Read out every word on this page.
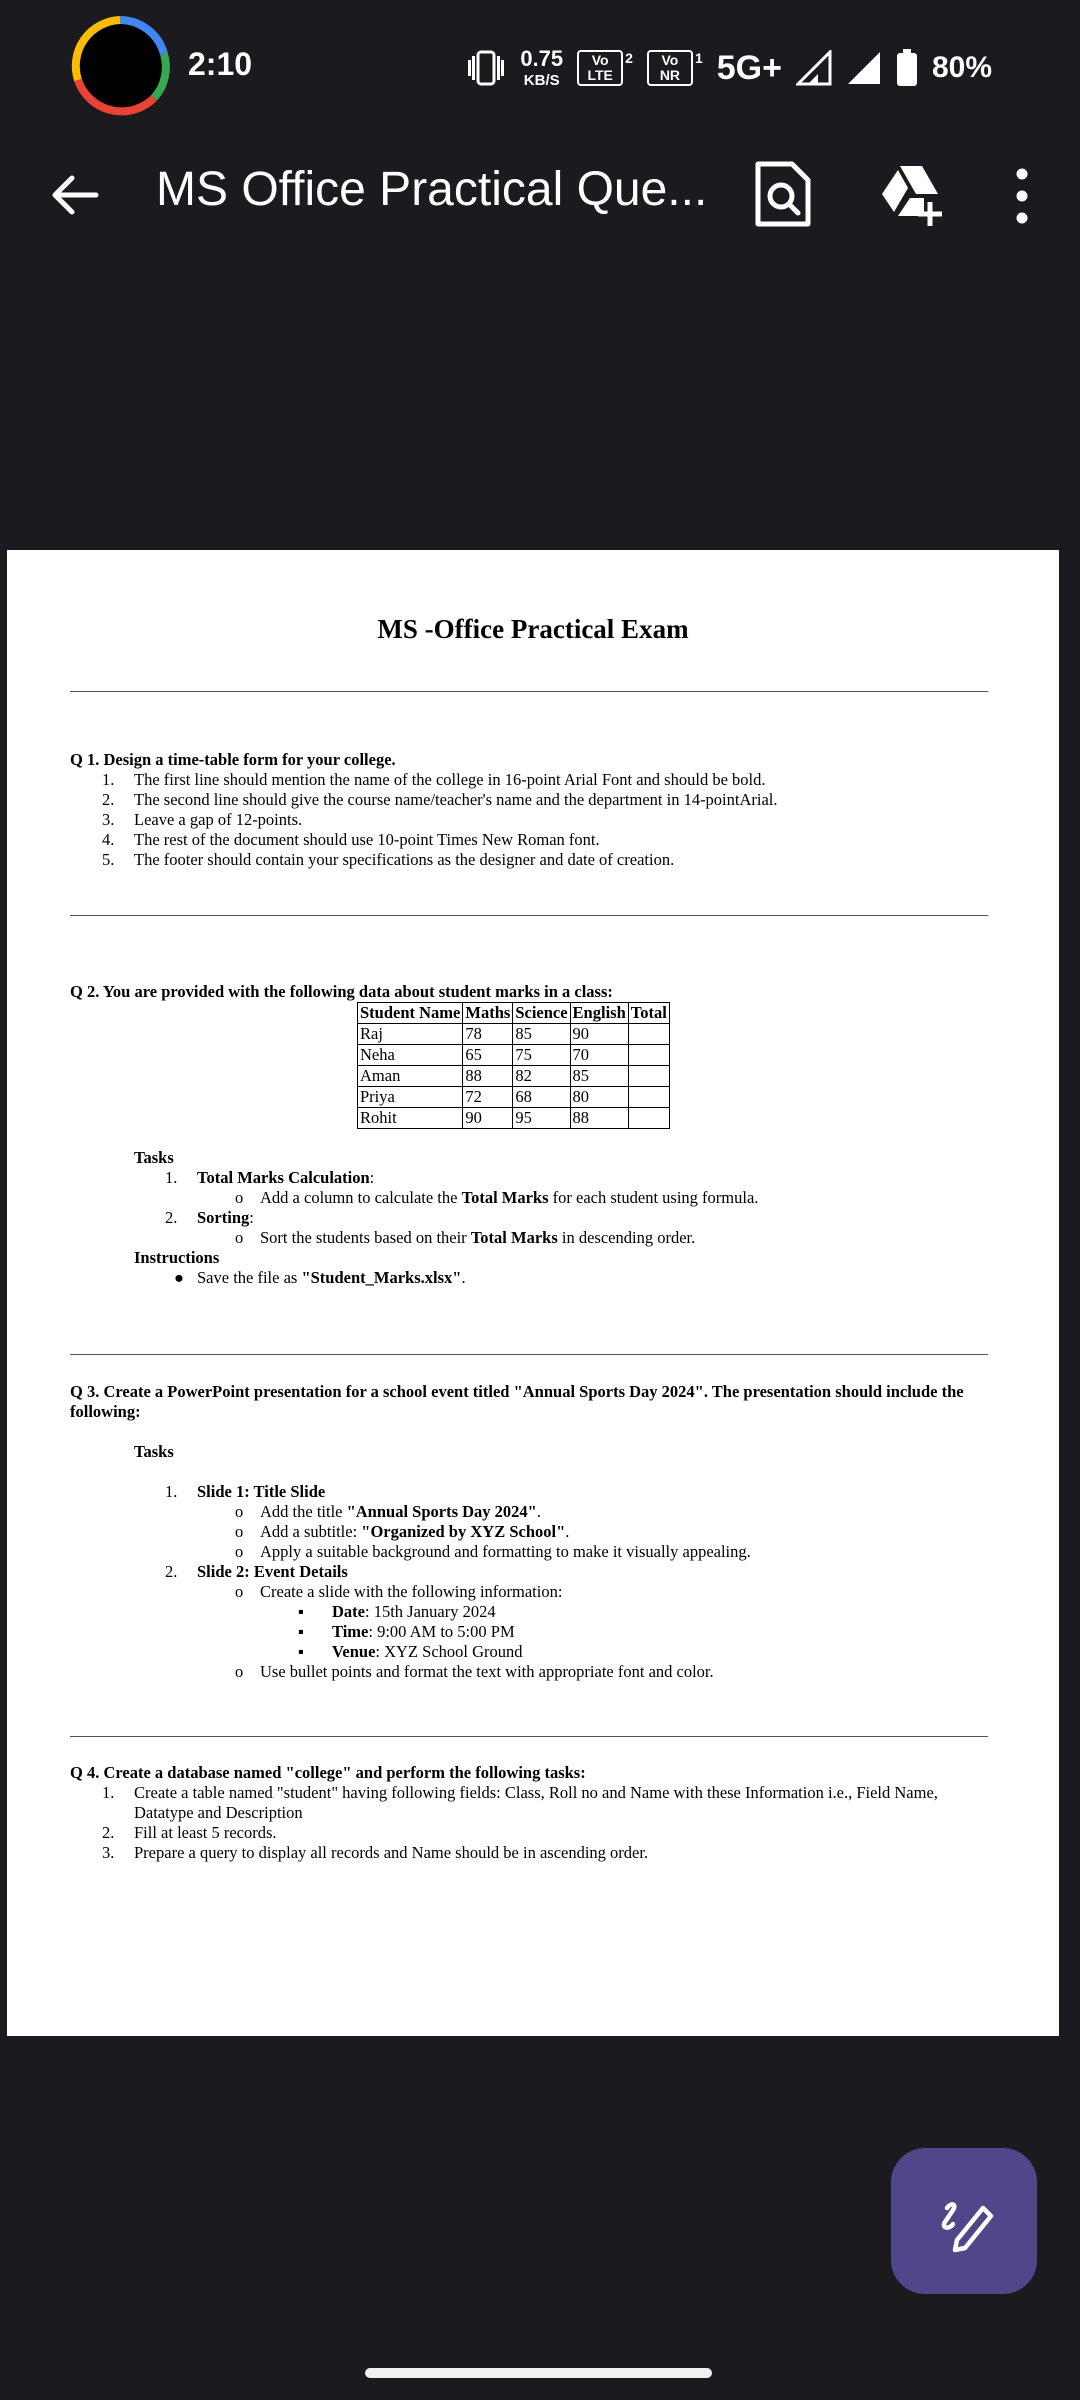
2:10	0.75
KB/S
Vo
LTE
2	Vo
NR
1 5G+	80%
MS Office Practical Que...
MS -Office Practical Exam
Q 1. Design a time-table form for your college.
1. The first line should mention the name of the college in 16-point Arial Font and should be bold.
2. The second line should give the course name/teacher's name and the department in 14-pointArial.
3. Leave a gap of 12-points.
4. The rest of the document should use 10-point Times New Roman font.
5. The footer should contain your specifications as the designer and date of creation.
Q 2. You are provided with the following data about student marks in a class:
Student Name	Maths	Science	English	Total
Raj	78	85	90	
Neha	65	75	70	
Aman	88	82	85	
Priya	72	68	80	
Rohit	90	95	88	
Tasks
1. Total Marks Calculation:
o Add a column to calculate the Total Marks for each student using formula.
2. Sorting:
o Sort the students based on their Total Marks in descending order.
Instructions
● Save the file as "Student_Marks.xlsx".
Q 3. Create a PowerPoint presentation for a school event titled "Annual Sports Day 2024". The presentation should include the following:
Tasks
1. Slide 1: Title Slide
o Add the title "Annual Sports Day 2024".
o Add a subtitle: "Organized by XYZ School".
o Apply a suitable background and formatting to make it visually appealing.
2. Slide 2: Event Details
o Create a slide with the following information:
▪ Date: 15th January 2024
▪ Time: 9:00 AM to 5:00 PM
▪ Venue: XYZ School Ground
o Use bullet points and format the text with appropriate font and color.
Q 4. Create a database named "college" and perform the following tasks:
1. Create a table named "student" having following fields: Class, Roll no and Name with these Information i.e., Field Name,
Datatype and Description
2. Fill at least 5 records.
3. Prepare a query to display all records and Name should be in ascending order.
